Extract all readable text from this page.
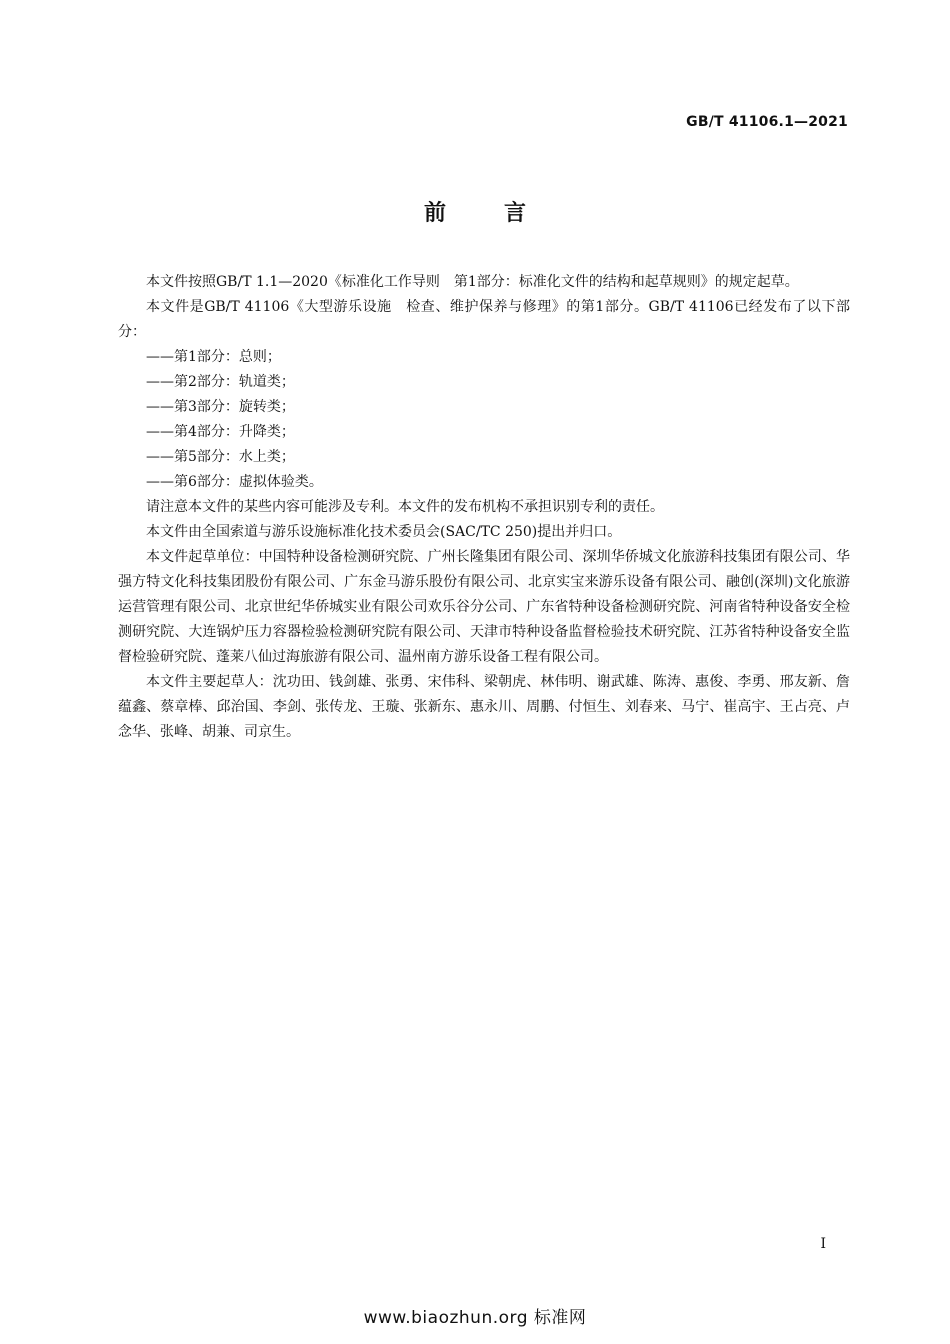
GB/T 41106.1—2021
前言

本文件按照GB/T 1.1—2020《标准化工作导则　第1部分：标准化文件的结构和起草规则》的规定起草。

本文件是GB/T 41106《大型游乐设施　检查、维护保养与修理》的第1部分。GB/T 41106已经发布了以下部分：

——第1部分：总则；

——第2部分：轨道类；

——第3部分：旋转类；

——第4部分：升降类；

——第5部分：水上类；

——第6部分：虚拟体验类。

请注意本文件的某些内容可能涉及专利。本文件的发布机构不承担识别专利的责任。

本文件由全国索道与游乐设施标准化技术委员会(SAC/TC 250)提出并归口。

本文件起草单位：中国特种设备检测研究院、广州长隆集团有限公司、深圳华侨城文化旅游科技集团有限公司、华强方特文化科技集团股份有限公司、广东金马游乐股份有限公司、北京实宝来游乐设备有限公司、融创(深圳)文化旅游运营管理有限公司、北京世纪华侨城实业有限公司欢乐谷分公司、广东省特种设备检测研究院、河南省特种设备安全检测研究院、大连锅炉压力容器检验检测研究院有限公司、天津市特种设备监督检验技术研究院、江苏省特种设备安全监督检验研究院、蓬莱八仙过海旅游有限公司、温州南方游乐设备工程有限公司。

本文件主要起草人：沈功田、钱剑雄、张勇、宋伟科、梁朝虎、林伟明、谢武雄、陈涛、惠俊、李勇、邢友新、詹蕴鑫、蔡章棒、邱治国、李剑、张传龙、王璇、张新东、惠永川、周鹏、付恒生、刘春来、马宁、崔高宇、王占亮、卢念华、张峰、胡兼、司京生。

I
www.biaozhun.org 标准网
